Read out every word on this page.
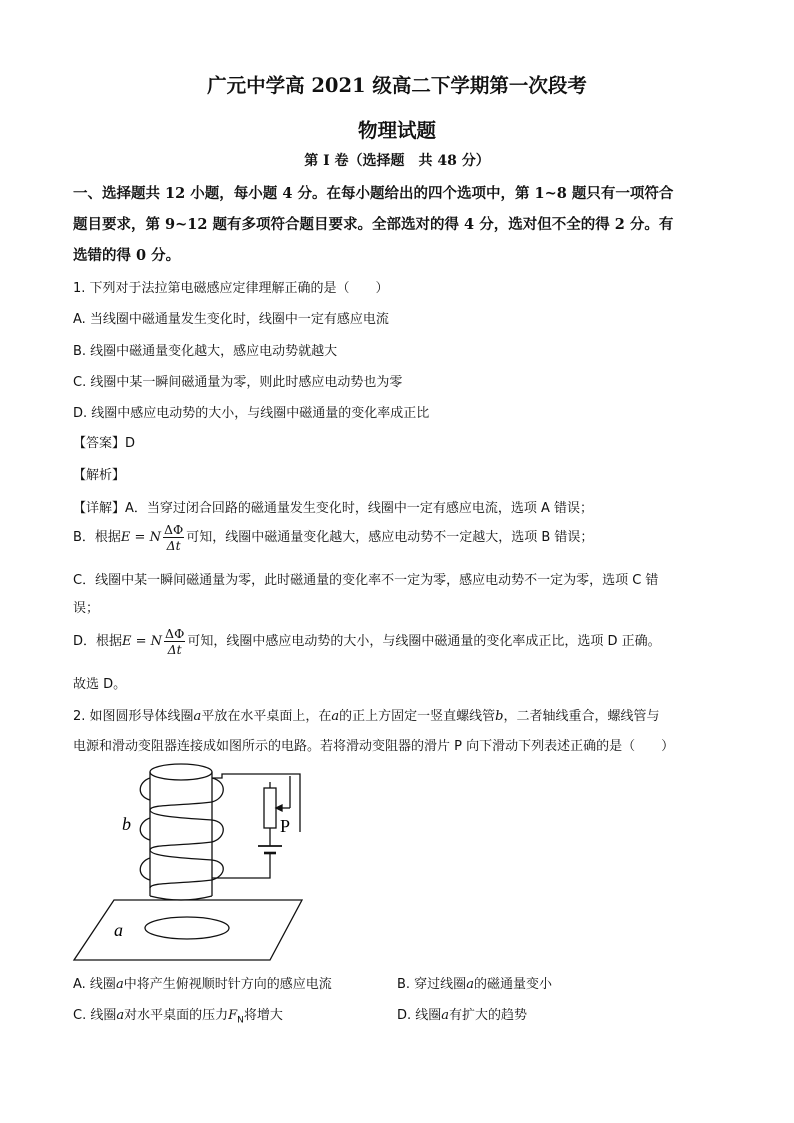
广元中学高 2021 级高二下学期第一次段考
物理试题
第 I 卷（选择题　共 48 分）
一、选择题共 12 小题，每小题 4 分。在每小题给出的四个选项中，第 1~8 题只有一项符合
题目要求，第 9~12 题有多项符合题目要求。全部选对的得 4 分，选对但不全的得 2 分。有
选错的得 0 分。
1. 下列对于法拉第电磁感应定律理解正确的是（　　）
A. 当线圈中磁通量发生变化时，线圈中一定有感应电流
B. 线圈中磁通量变化越大，感应电动势就越大
C. 线圈中某一瞬间磁通量为零，则此时感应电动势也为零
D. 线圈中感应电动势的大小，与线圈中磁通量的变化率成正比
【答案】D
【解析】
【详解】A．当穿过闭合回路的磁通量发生变化时，线圈中一定有感应电流，选项 A 错误；
B．根据E = N $\frac{\Delta\Phi}{\Delta t}$ 可知，线圈中磁通量变化越大，感应电动势不一定越大，选项 B 错误；
C．线圈中某一瞬间磁通量为零，此时磁通量的变化率不一定为零，感应电动势不一定为零，选项 C 错
误；
D．根据E = N $\frac{\Delta\Phi}{\Delta t}$ 可知，线圈中感应电动势的大小，与线圈中磁通量的变化率成正比，选项 D 正确。
故选 D。
2. 如图圆形导体线圈a平放在水平桌面上，在a的正上方固定一竖直螺线管b，二者轴线重合，螺线管与
电源和滑动变阻器连接成如图所示的电路。若将滑动变阻器的滑片 P 向下滑动下列表述正确的是（　　）
b	P
a
A. 线圈a中将产生俯视顺时针方向的感应电流	B. 穿过线圈a的磁通量变小
C. 线圈a对水平桌面的压力$F_N$将增大	D. 线圈a有扩大的趋势
